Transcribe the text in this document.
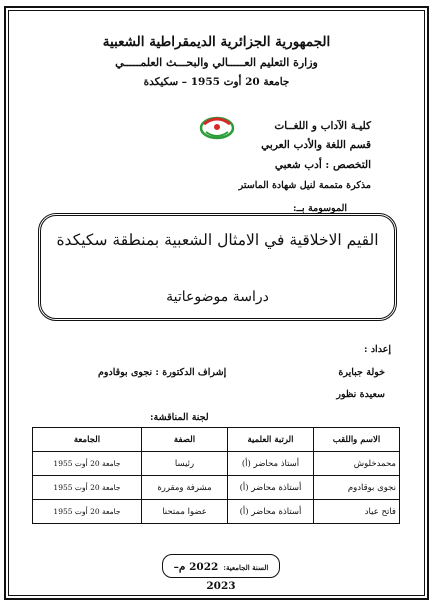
الجمهورية الجزائرية الديمقراطية الشعبية
وزارة التعليم العـــــالي والبحـــث العلمـــــي
جامعة 20 أوت 1955 – سكيكدة
كليـة الآداب و اللغــات
قسم اللغة والأدب العربي
التخصص : أدب شعبي
مذكرة متممة لنيل شهادة الماستر
الموسومة بــ:
القيم الاخلاقية في الامثال الشعبية بمنطقة سكيكدة
دراسة موضوعاتية
إعداد :
خولة جبايرة
سعيدة نظور
إشراف الدكتورة : نجوى بوقادوم
لجنة المناقشة:
الاسم واللقب	الرتبة العلمية	الصفة	الجامعة
محمدخلوش	أستاذ محاضر (أ)	رئيسا	جامعة 20 أوت 1955
نجوى بوقادوم	أستاذة محاضر (أ)	مشرفة ومقررة	جامعة 20 أوت 1955
فاتح عياد	أستاذة محاضر (أ)	عضوا ممتحنا	جامعة 20 أوت 1955
السنة الجامعية: 2022 م–2023
